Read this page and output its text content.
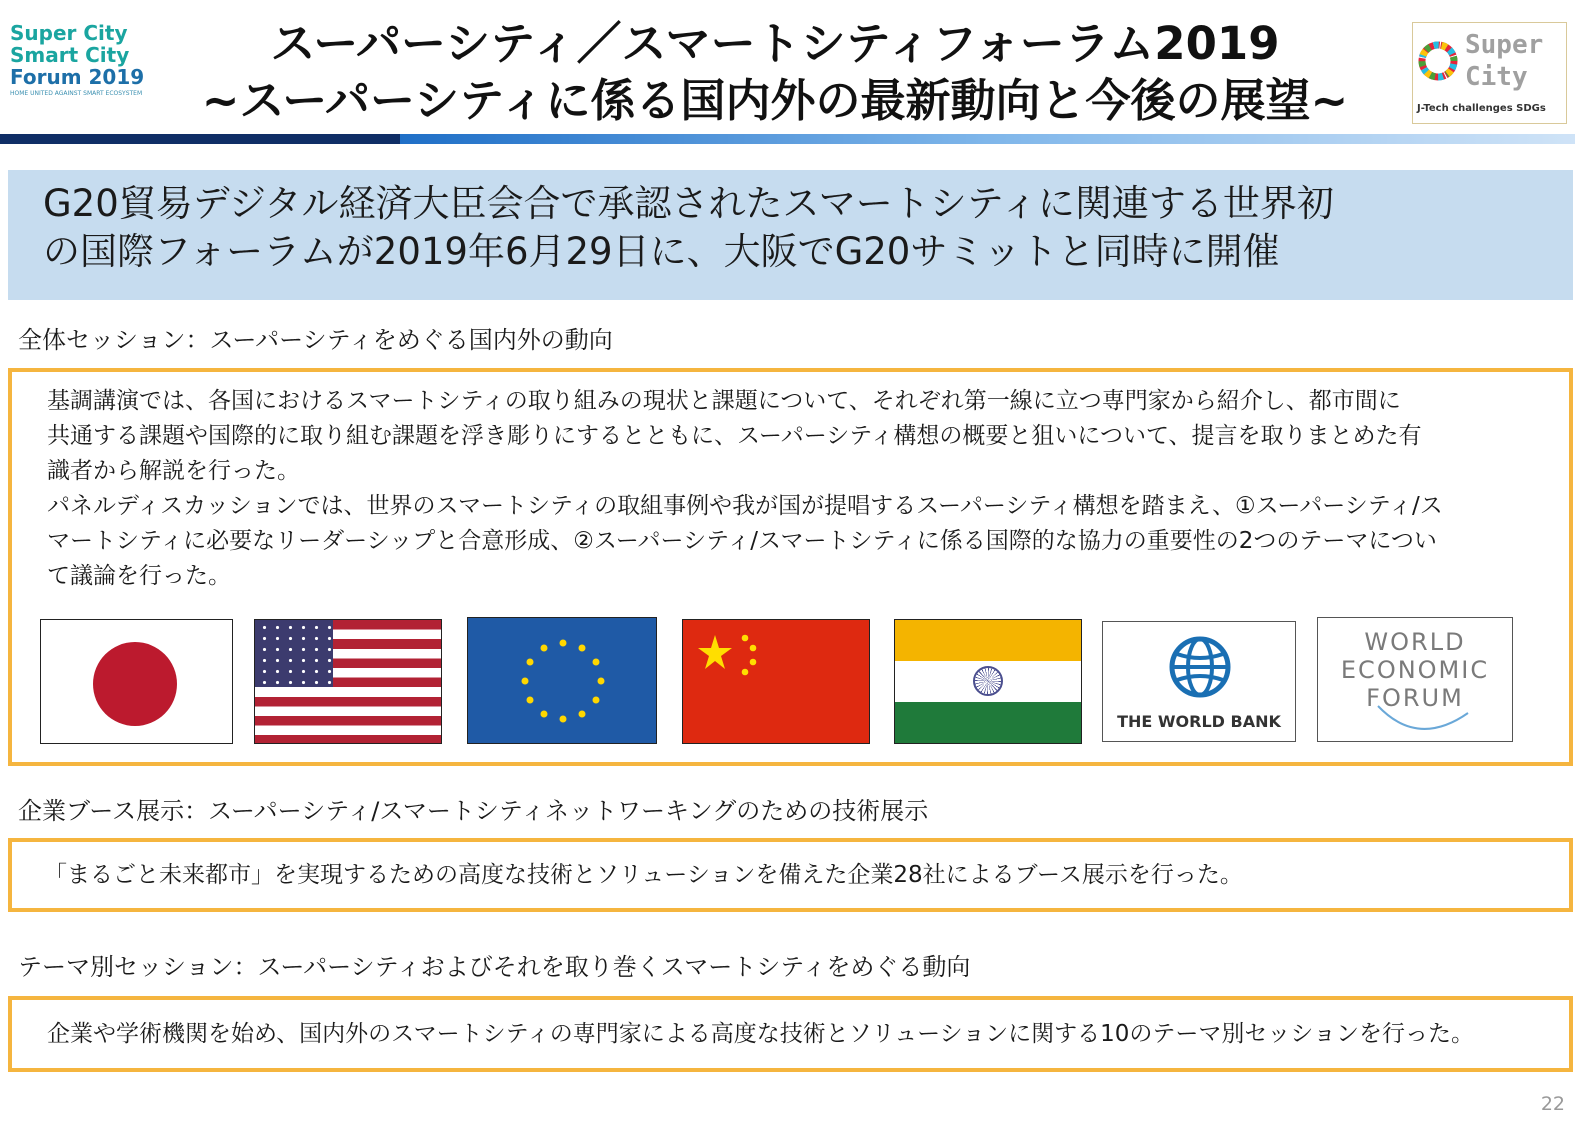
Super City
Smart City
Forum 2019
HOME UNITED AGAINST SMART ECOSYSTEM
スーパーシティ／スマートシティフォーラム2019
~スーパーシティに係る国内外の最新動向と今後の展望~
Super
City
J-Tech challenges SDGs
G20貿易デジタル経済大臣会合で承認されたスマートシティに関連する世界初
の国際フォーラムが2019年6月29日に、大阪でG20サミットと同時に開催
全体セッション：スーパーシティをめぐる国内外の動向
基調講演では、各国におけるスマートシティの取り組みの現状と課題について、それぞれ第一線に立つ専門家から紹介し、都市間に
共通する課題や国際的に取り組む課題を浮き彫りにするとともに、スーパーシティ構想の概要と狙いについて、提言を取りまとめた有
識者から解説を行った。
パネルディスカッションでは、世界のスマートシティの取組事例や我が国が提唱するスーパーシティ構想を踏まえ、①スーパーシティ/ス
マートシティに必要なリーダーシップと合意形成、②スーパーシティ/スマートシティに係る国際的な協力の重要性の2つのテーマについ
て議論を行った。
THE WORLD BANK
WORLD
ECONOMIC
FORUM
企業ブース展示：スーパーシティ/スマートシティネットワーキングのための技術展示
「まるごと未来都市」を実現するための高度な技術とソリューションを備えた企業28社によるブース展示を行った。
テーマ別セッション：スーパーシティおよびそれを取り巻くスマートシティをめぐる動向
企業や学術機関を始め、国内外のスマートシティの専門家による高度な技術とソリューションに関する10のテーマ別セッションを行った。
22
